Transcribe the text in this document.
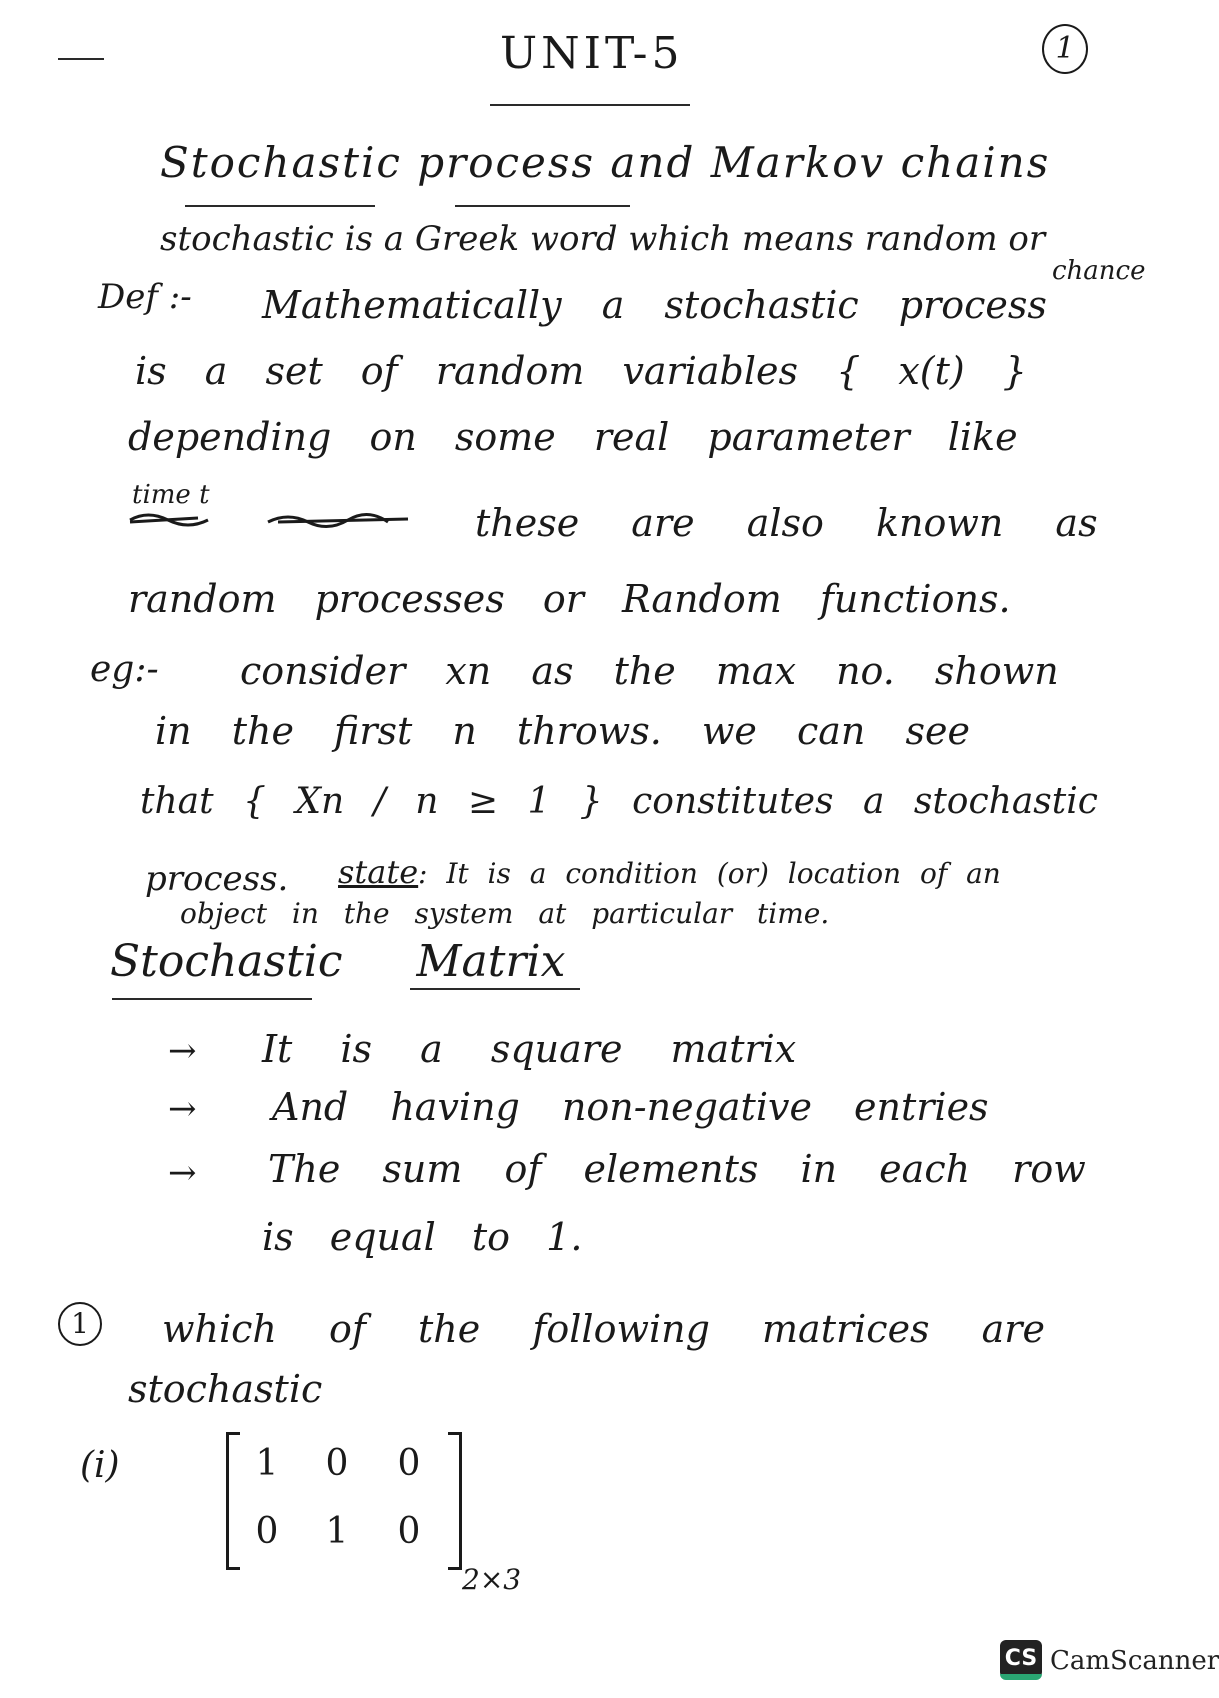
UNIT-5	1
Stochastic process and Markov chains
stochastic is a Greek word which means random or
chance
Def :- Mathematically a stochastic process
is a set of random variables { x(t) }
depending on some real parameter like
time t
these are also known as
random processes or Random functions.
eg:- consider xn as the max no. shown
in the first n throws. we can see
that { Xn / n ≥ 1 } constitutes a stochastic
process. state : It is a condition (or) location of an
object in the system at particular time.
Stochastic Matrix
→ It is a square matrix
→ And having non-negative entries
→ The sum of elements in each row
is equal to 1.
1	which of the following matrices are
stochastic
(i)	1 0 0
0 1 0
2×3
CS CamScanner
